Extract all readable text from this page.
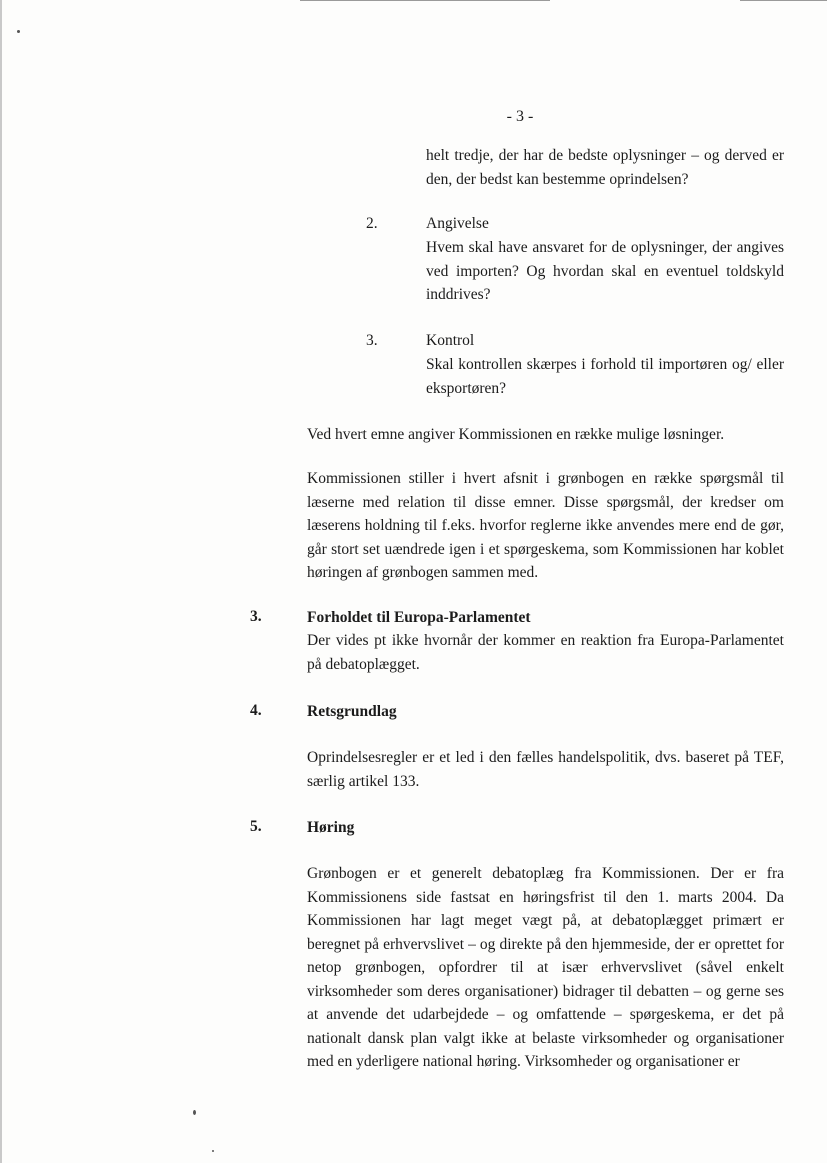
- 3 -
helt tredje, der har de bedste oplysninger – og derved er den, der bedst kan bestemme oprindelsen?
2.	Angivelse
Hvem skal have ansvaret for de oplysninger, der angives ved importen? Og hvordan skal en eventuel toldskyld inddrives?
3.	Kontrol
Skal kontrollen skærpes i forhold til importøren og/ eller eksportøren?
Ved hvert emne angiver Kommissionen en række mulige løsninger.
Kommissionen stiller i hvert afsnit i grønbogen en række spørgsmål til læserne med relation til disse emner. Disse spørgsmål, der kredser om læserens holdning til f.eks. hvorfor reglerne ikke anvendes mere end de gør, går stort set uændrede igen i et spørgeskema, som Kommissionen har koblet høringen af grønbogen sammen med.
3.	Forholdet til Europa-Parlamentet
Der vides pt ikke hvornår der kommer en reaktion fra Europa-Parlamentet på debatoplægget.
4.	Retsgrundlag
Oprindelsesregler er et led i den fælles handelspolitik, dvs. baseret på TEF, særlig artikel 133.
5.	Høring
Grønbogen er et generelt debatoplæg fra Kommissionen. Der er fra Kommissionens side fastsat en høringsfrist til den 1. marts 2004. Da Kommissionen har lagt meget vægt på, at debatoplægget primært er beregnet på erhvervslivet – og direkte på den hjemmeside, der er oprettet for netop grønbogen, opfordrer til at især erhvervslivet (såvel enkelt virksomheder som deres organisationer) bidrager til debatten – og gerne ses at anvende det udarbejdede – og omfattende – spørgeskema, er det på nationalt dansk plan valgt ikke at belaste virksomheder og organisationer med en yderligere national høring. Virksomheder og organisationer er
